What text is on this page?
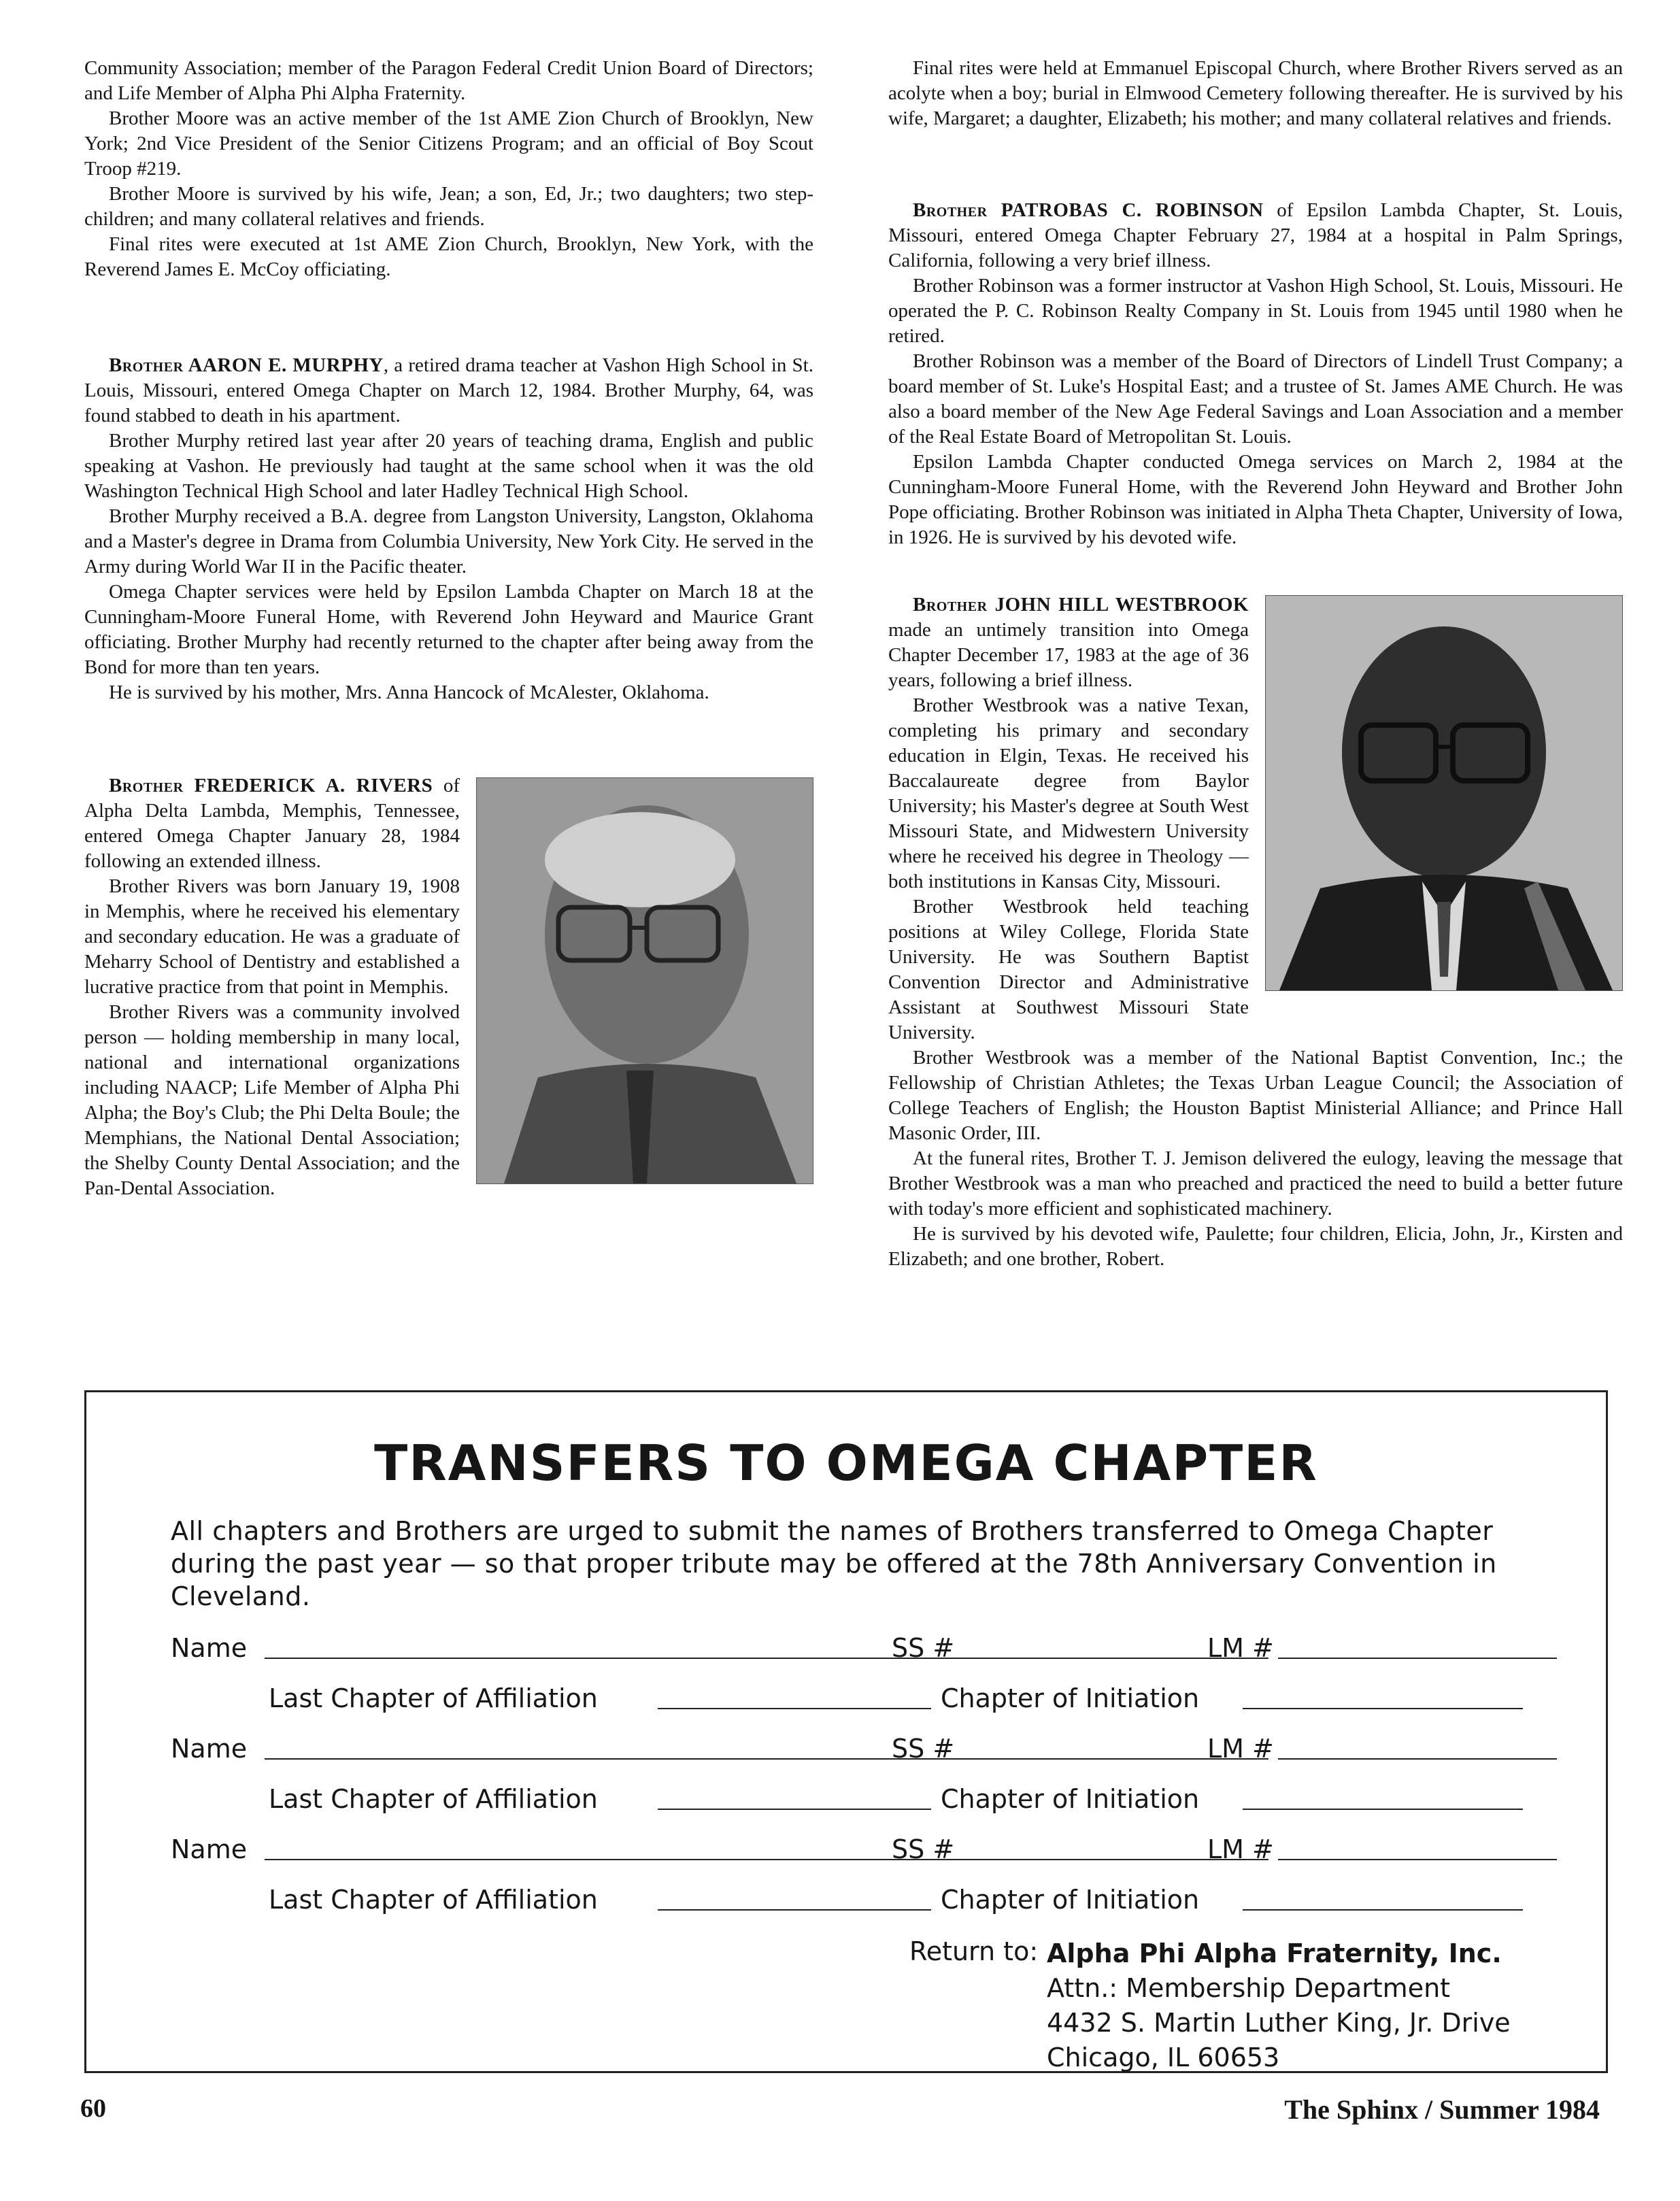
Community Association; member of the Paragon Federal Credit Union Board of Directors; and Life Member of Alpha Phi Alpha Fraternity.

Brother Moore was an active member of the 1st AME Zion Church of Brooklyn, New York; 2nd Vice President of the Senior Citizens Program; and an official of Boy Scout Troop #219.

Brother Moore is survived by his wife, Jean; a son, Ed, Jr.; two daughters; two step-children; and many collateral relatives and friends.

Final rites were executed at 1st AME Zion Church, Brooklyn, New York, with the Reverend James E. McCoy officiating.

Brother AARON E. MURPHY, a retired drama teacher at Vashon High School in St. Louis, Missouri, entered Omega Chapter on March 12, 1984. Brother Murphy, 64, was found stabbed to death in his apartment.

Brother Murphy retired last year after 20 years of teaching drama, English and public speaking at Vashon. He previously had taught at the same school when it was the old Washington Technical High School and later Hadley Technical High School.

Brother Murphy received a B.A. degree from Langston University, Langston, Oklahoma and a Master's degree in Drama from Columbia University, New York City. He served in the Army during World War II in the Pacific theater.

Omega Chapter services were held by Epsilon Lambda Chapter on March 18 at the Cunningham-Moore Funeral Home, with Reverend John Heyward and Maurice Grant officiating. Brother Murphy had recently returned to the chapter after being away from the Bond for more than ten years.

He is survived by his mother, Mrs. Anna Hancock of McAlester, Oklahoma.

Brother FREDERICK A. RIVERS of Alpha Delta Lambda, Memphis, Tennessee, entered Omega Chapter January 28, 1984 following an extended illness.

Brother Rivers was born January 19, 1908 in Memphis, where he received his elementary and secondary education. He was a graduate of Meharry School of Dentistry and established a lucrative practice from that point in Memphis.

Brother Rivers was a community involved person — holding membership in many local, national and international organizations including NAACP; Life Member of Alpha Phi Alpha; the Boy's Club; the Phi Delta Boule; the Memphians, the National Dental Association; the Shelby County Dental Association; and the Pan-Dental Association.

Final rites were held at Emmanuel Episcopal Church, where Brother Rivers served as an acolyte when a boy; burial in Elmwood Cemetery following thereafter. He is survived by his wife, Margaret; a daughter, Elizabeth; his mother; and many collateral relatives and friends.

Brother PATROBAS C. ROBINSON of Epsilon Lambda Chapter, St. Louis, Missouri, entered Omega Chapter February 27, 1984 at a hospital in Palm Springs, California, following a very brief illness.

Brother Robinson was a former instructor at Vashon High School, St. Louis, Missouri. He operated the P. C. Robinson Realty Company in St. Louis from 1945 until 1980 when he retired.

Brother Robinson was a member of the Board of Directors of Lindell Trust Company; a board member of St. Luke's Hospital East; and a trustee of St. James AME Church. He was also a board member of the New Age Federal Savings and Loan Association and a member of the Real Estate Board of Metropolitan St. Louis.

Epsilon Lambda Chapter conducted Omega services on March 2, 1984 at the Cunningham-Moore Funeral Home, with the Reverend John Heyward and Brother John Pope officiating. Brother Robinson was initiated in Alpha Theta Chapter, University of Iowa, in 1926. He is survived by his devoted wife.

Brother JOHN HILL WESTBROOK made an untimely transition into Omega Chapter December 17, 1983 at the age of 36 years, following a brief illness.

Brother Westbrook was a native Texan, completing his primary and secondary education in Elgin, Texas. He received his Baccalaureate degree from Baylor University; his Master's degree at South West Missouri State, and Midwestern University where he received his degree in Theology — both institutions in Kansas City, Missouri.

Brother Westbrook held teaching positions at Wiley College, Florida State University. He was Southern Baptist Convention Director and Administrative Assistant at Southwest Missouri State University.

Brother Westbrook was a member of the National Baptist Convention, Inc.; the Fellowship of Christian Athletes; the Texas Urban League Council; the Association of College Teachers of English; the Houston Baptist Ministerial Alliance; and Prince Hall Masonic Order, III.

At the funeral rites, Brother T. J. Jemison delivered the eulogy, leaving the message that Brother Westbrook was a man who preached and practiced the need to build a better future with today's more efficient and sophisticated machinery.

He is survived by his devoted wife, Paulette; four children, Elicia, John, Jr., Kirsten and Elizabeth; and one brother, Robert.

TRANSFERS TO OMEGA CHAPTER

All chapters and Brothers are urged to submit the names of Brothers transferred to Omega Chapter during the past year — so that proper tribute may be offered at the 78th Anniversary Convention in Cleveland.

Name	SS #	LM #
Last Chapter of Affiliation	Chapter of Initiation
Name	SS #	LM #
Last Chapter of Affiliation	Chapter of Initiation
Name	SS #	LM #
Last Chapter of Affiliation	Chapter of Initiation
Return to: Alpha Phi Alpha Fraternity, Inc.
Attn.: Membership Department
4432 S. Martin Luther King, Jr. Drive
Chicago, IL 60653
60	The Sphinx / Summer 1984
